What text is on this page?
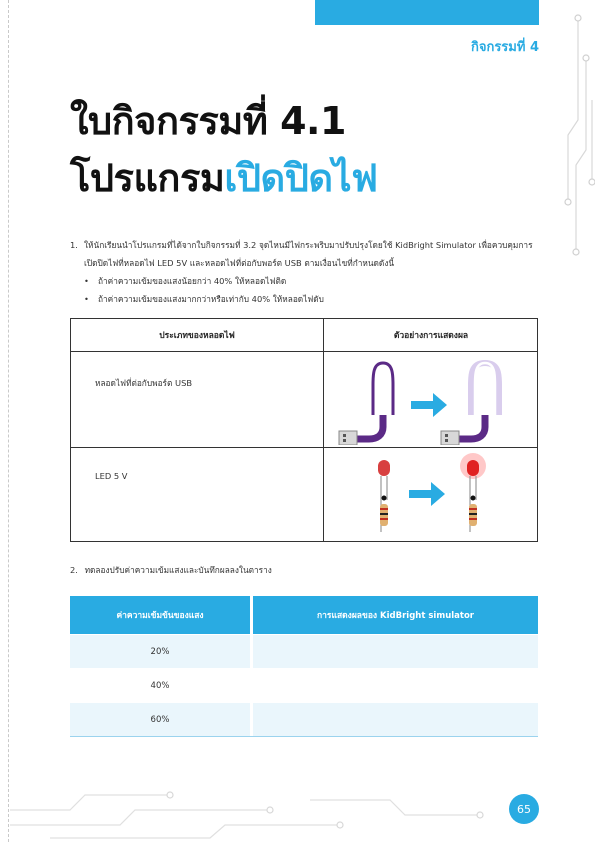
กิจกรรมที่ 4
ใบกิจกรรมที่ 4.1
โปรแกรมเปิดปิดไฟ
1. ให้นักเรียนนำโปรแกรมที่ได้จากใบกิจกรรมที่ 3.2 จุดไหนมีไฟกระพริบมาปรับปรุงโดยใช้ KidBright Simulator เพื่อควบคุมการเปิดปิดไฟที่หลอดไฟ LED 5V และหลอดไฟที่ต่อกับพอร์ต USB ตามเงื่อนไขที่กำหนดดังนี้
• ถ้าค่าความเข้มของแสงน้อยกว่า 40% ให้หลอดไฟติด
• ถ้าค่าความเข้มของแสงมากกว่าหรือเท่ากับ 40% ให้หลอดไฟดับ
ประเภทของหลอดไฟ	ตัวอย่างการแสดงผล
หลอดไฟที่ต่อกับพอร์ต USB
LED 5 V
2. ทดลองปรับค่าความเข้มแสงและบันทึกผลลงในตาราง
ค่าความเข้มข้นของแสง	การแสดงผลของ KidBright simulator
20%
40%
60%
65
